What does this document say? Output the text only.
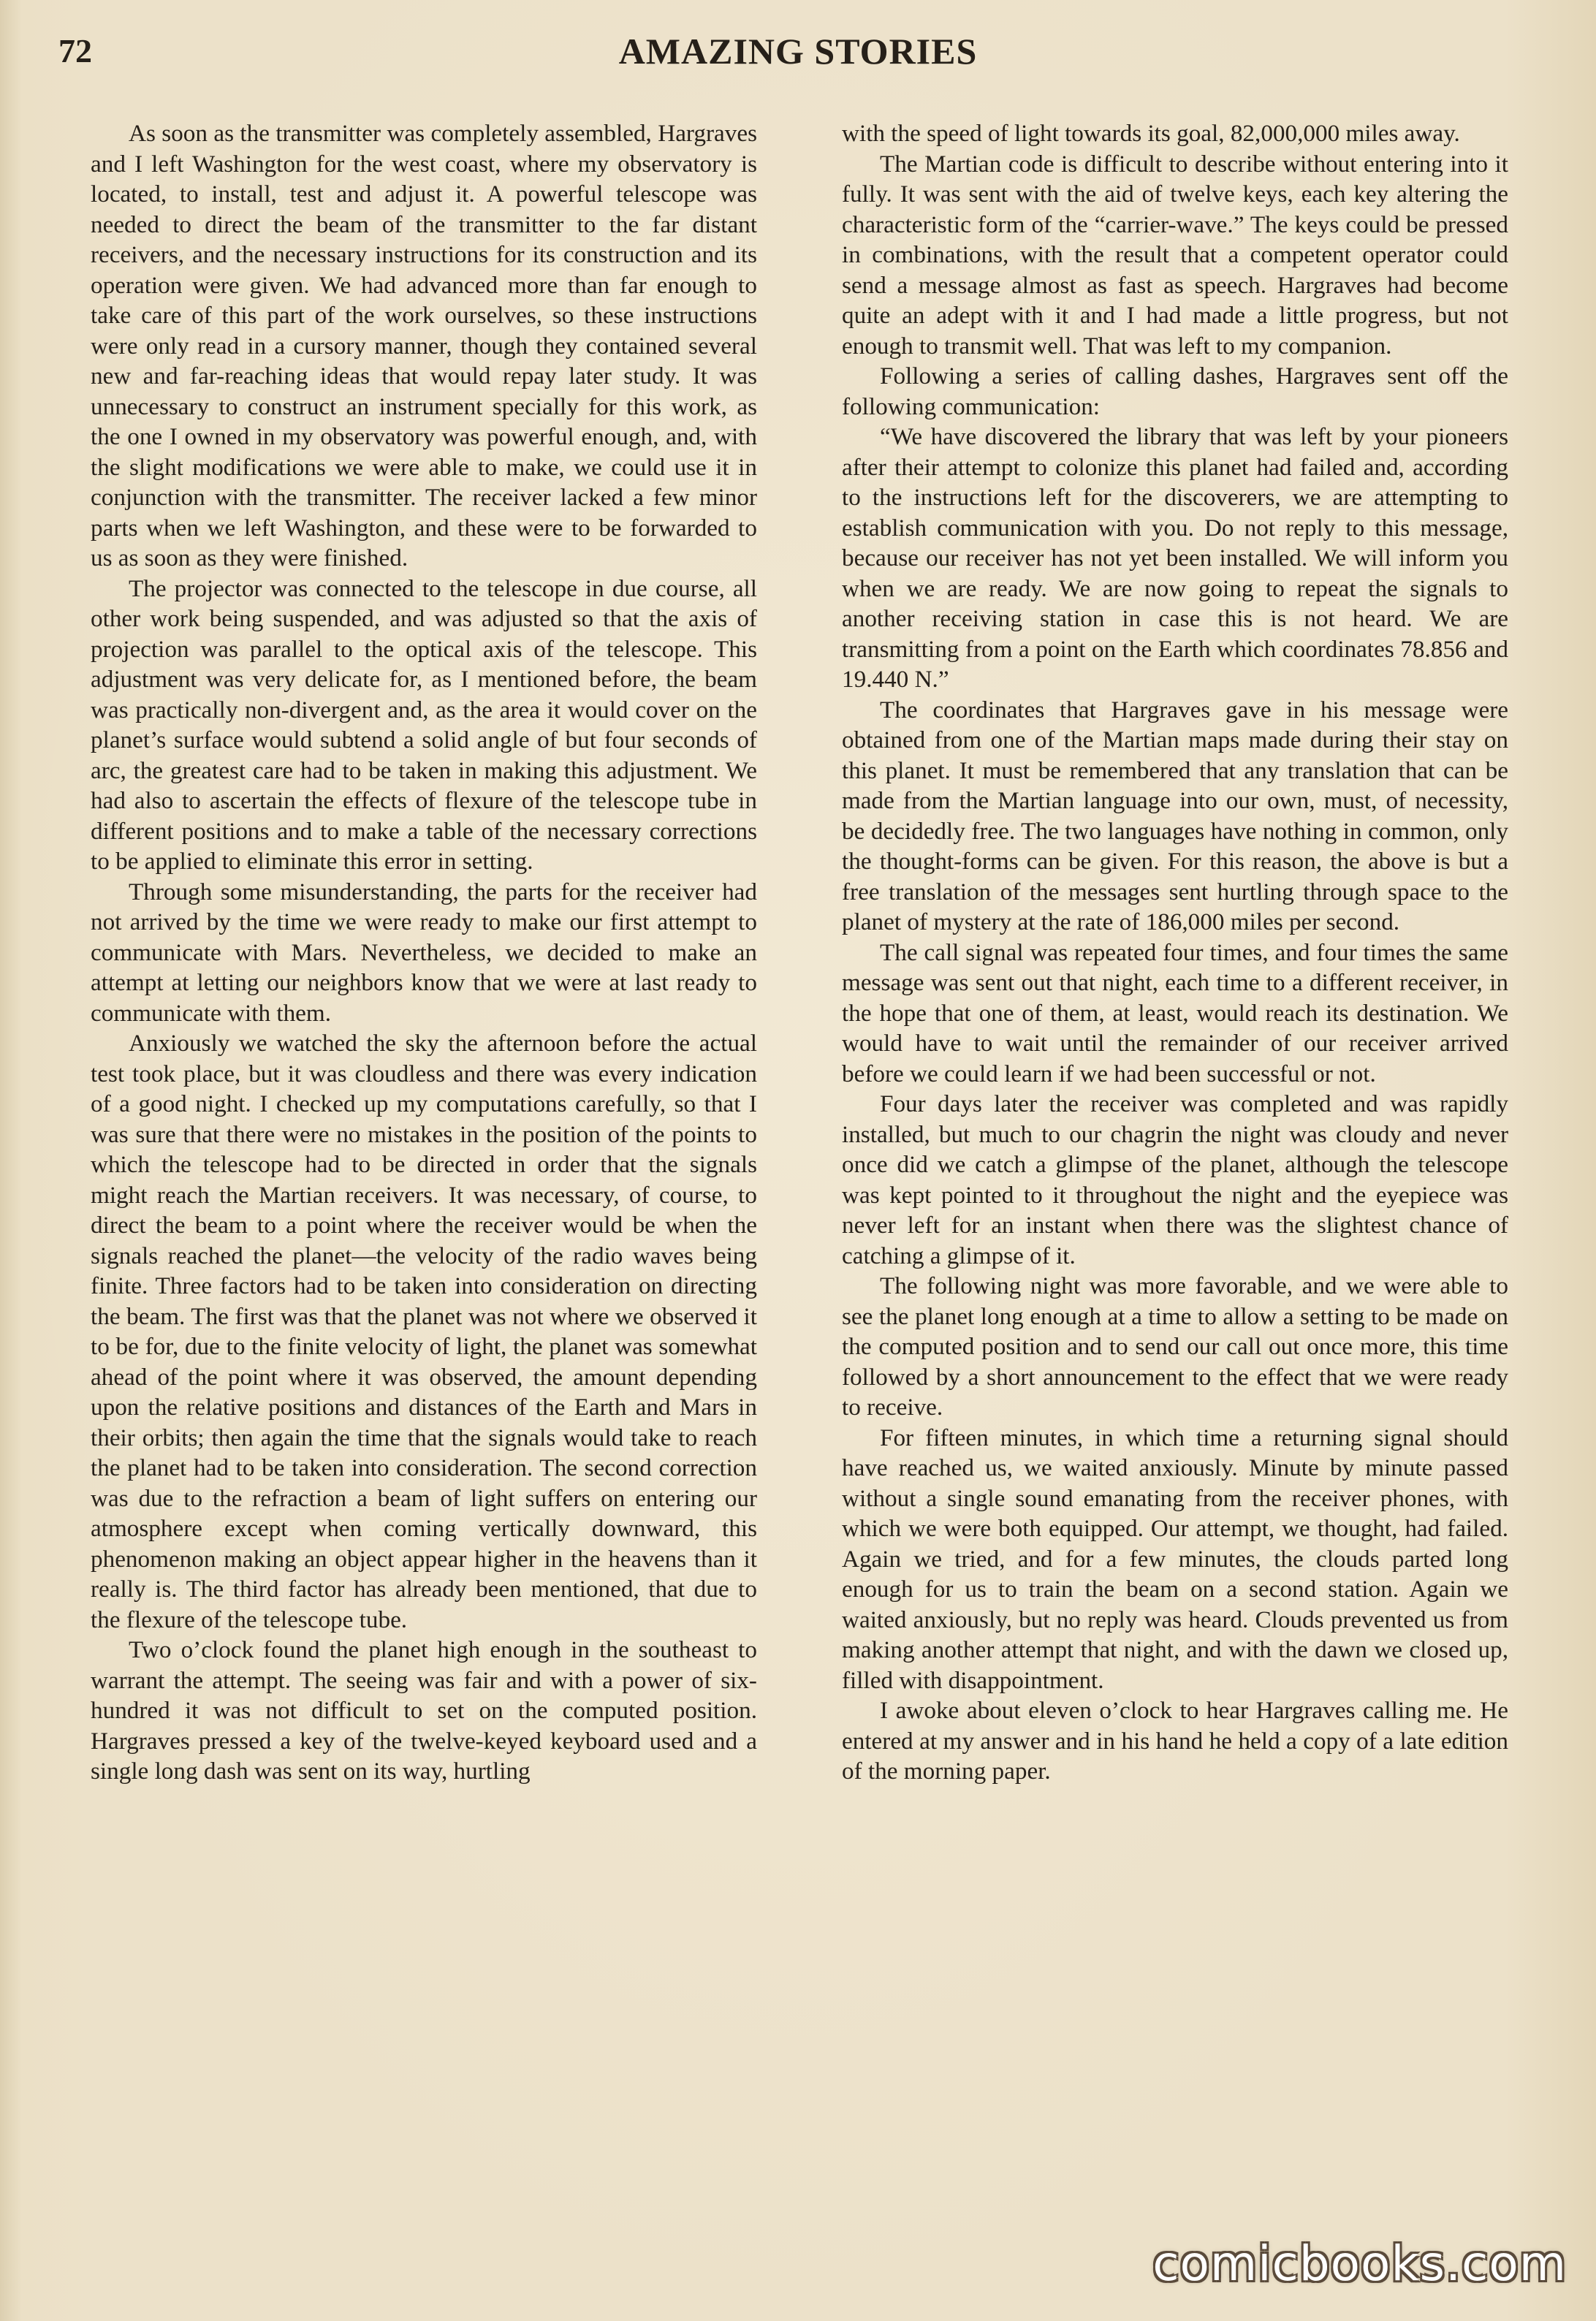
72	AMAZING STORIES

As soon as the transmitter was completely assembled, Hargraves and I left Washington for the west coast, where my observatory is located, to install, test and adjust it. A powerful telescope was needed to direct the beam of the transmitter to the far distant receivers, and the necessary instructions for its construction and its operation were given. We had advanced more than far enough to take care of this part of the work ourselves, so these instructions were only read in a cursory manner, though they contained several new and far-reaching ideas that would repay later study. It was unnecessary to construct an instrument specially for this work, as the one I owned in my observatory was powerful enough, and, with the slight modifications we were able to make, we could use it in conjunction with the transmitter. The receiver lacked a few minor parts when we left Washington, and these were to be forwarded to us as soon as they were finished.

The projector was connected to the telescope in due course, all other work being suspended, and was adjusted so that the axis of projection was parallel to the optical axis of the telescope. This adjustment was very delicate for, as I mentioned before, the beam was practically non-divergent and, as the area it would cover on the planet’s surface would subtend a solid angle of but four seconds of arc, the greatest care had to be taken in making this adjustment. We had also to ascertain the effects of flexure of the telescope tube in different positions and to make a table of the necessary corrections to be applied to eliminate this error in setting.

Through some misunderstanding, the parts for the receiver had not arrived by the time we were ready to make our first attempt to communicate with Mars. Nevertheless, we decided to make an attempt at letting our neighbors know that we were at last ready to communicate with them.

Anxiously we watched the sky the afternoon before the actual test took place, but it was cloudless and there was every indication of a good night. I checked up my computations carefully, so that I was sure that there were no mistakes in the position of the points to which the telescope had to be directed in order that the signals might reach the Martian receivers. It was necessary, of course, to direct the beam to a point where the receiver would be when the signals reached the planet—the velocity of the radio waves being finite. Three factors had to be taken into consideration on directing the beam. The first was that the planet was not where we observed it to be for, due to the finite velocity of light, the planet was somewhat ahead of the point where it was observed, the amount depending upon the relative positions and distances of the Earth and Mars in their orbits; then again the time that the signals would take to reach the planet had to be taken into consideration. The second correction was due to the refraction a beam of light suffers on entering our atmosphere except when coming vertically downward, this phenomenon making an object appear higher in the heavens than it really is. The third factor has already been mentioned, that due to the flexure of the telescope tube.

Two o’clock found the planet high enough in the southeast to warrant the attempt. The seeing was fair and with a power of six-hundred it was not difficult to set on the computed position. Hargraves pressed a key of the twelve-keyed keyboard used and a single long dash was sent on its way, hurtling

with the speed of light towards its goal, 82,000,000 miles away.

The Martian code is difficult to describe without entering into it fully. It was sent with the aid of twelve keys, each key altering the characteristic form of the “carrier-wave.” The keys could be pressed in combinations, with the result that a competent operator could send a message almost as fast as speech. Hargraves had become quite an adept with it and I had made a little progress, but not enough to transmit well. That was left to my companion.

Following a series of calling dashes, Hargraves sent off the following communication:

“We have discovered the library that was left by your pioneers after their attempt to colonize this planet had failed and, according to the instructions left for the discoverers, we are attempting to establish communication with you. Do not reply to this message, because our receiver has not yet been installed. We will inform you when we are ready. We are now going to repeat the signals to another receiving station in case this is not heard. We are transmitting from a point on the Earth which coordinates 78.856 and 19.440 N.”

The coordinates that Hargraves gave in his message were obtained from one of the Martian maps made during their stay on this planet. It must be remembered that any translation that can be made from the Martian language into our own, must, of necessity, be decidedly free. The two languages have nothing in common, only the thought-forms can be given. For this reason, the above is but a free translation of the messages sent hurtling through space to the planet of mystery at the rate of 186,000 miles per second.

The call signal was repeated four times, and four times the same message was sent out that night, each time to a different receiver, in the hope that one of them, at least, would reach its destination. We would have to wait until the remainder of our receiver arrived before we could learn if we had been successful or not.

Four days later the receiver was completed and was rapidly installed, but much to our chagrin the night was cloudy and never once did we catch a glimpse of the planet, although the telescope was kept pointed to it throughout the night and the eyepiece was never left for an instant when there was the slightest chance of catching a glimpse of it.

The following night was more favorable, and we were able to see the planet long enough at a time to allow a setting to be made on the computed position and to send our call out once more, this time followed by a short announcement to the effect that we were ready to receive.

For fifteen minutes, in which time a returning signal should have reached us, we waited anxiously. Minute by minute passed without a single sound emanating from the receiver phones, with which we were both equipped. Our attempt, we thought, had failed. Again we tried, and for a few minutes, the clouds parted long enough for us to train the beam on a second station. Again we waited anxiously, but no reply was heard. Clouds prevented us from making another attempt that night, and with the dawn we closed up, filled with disappointment.

I awoke about eleven o’clock to hear Hargraves calling me. He entered at my answer and in his hand he held a copy of a late edition of the morning paper.

comicbooks.com
